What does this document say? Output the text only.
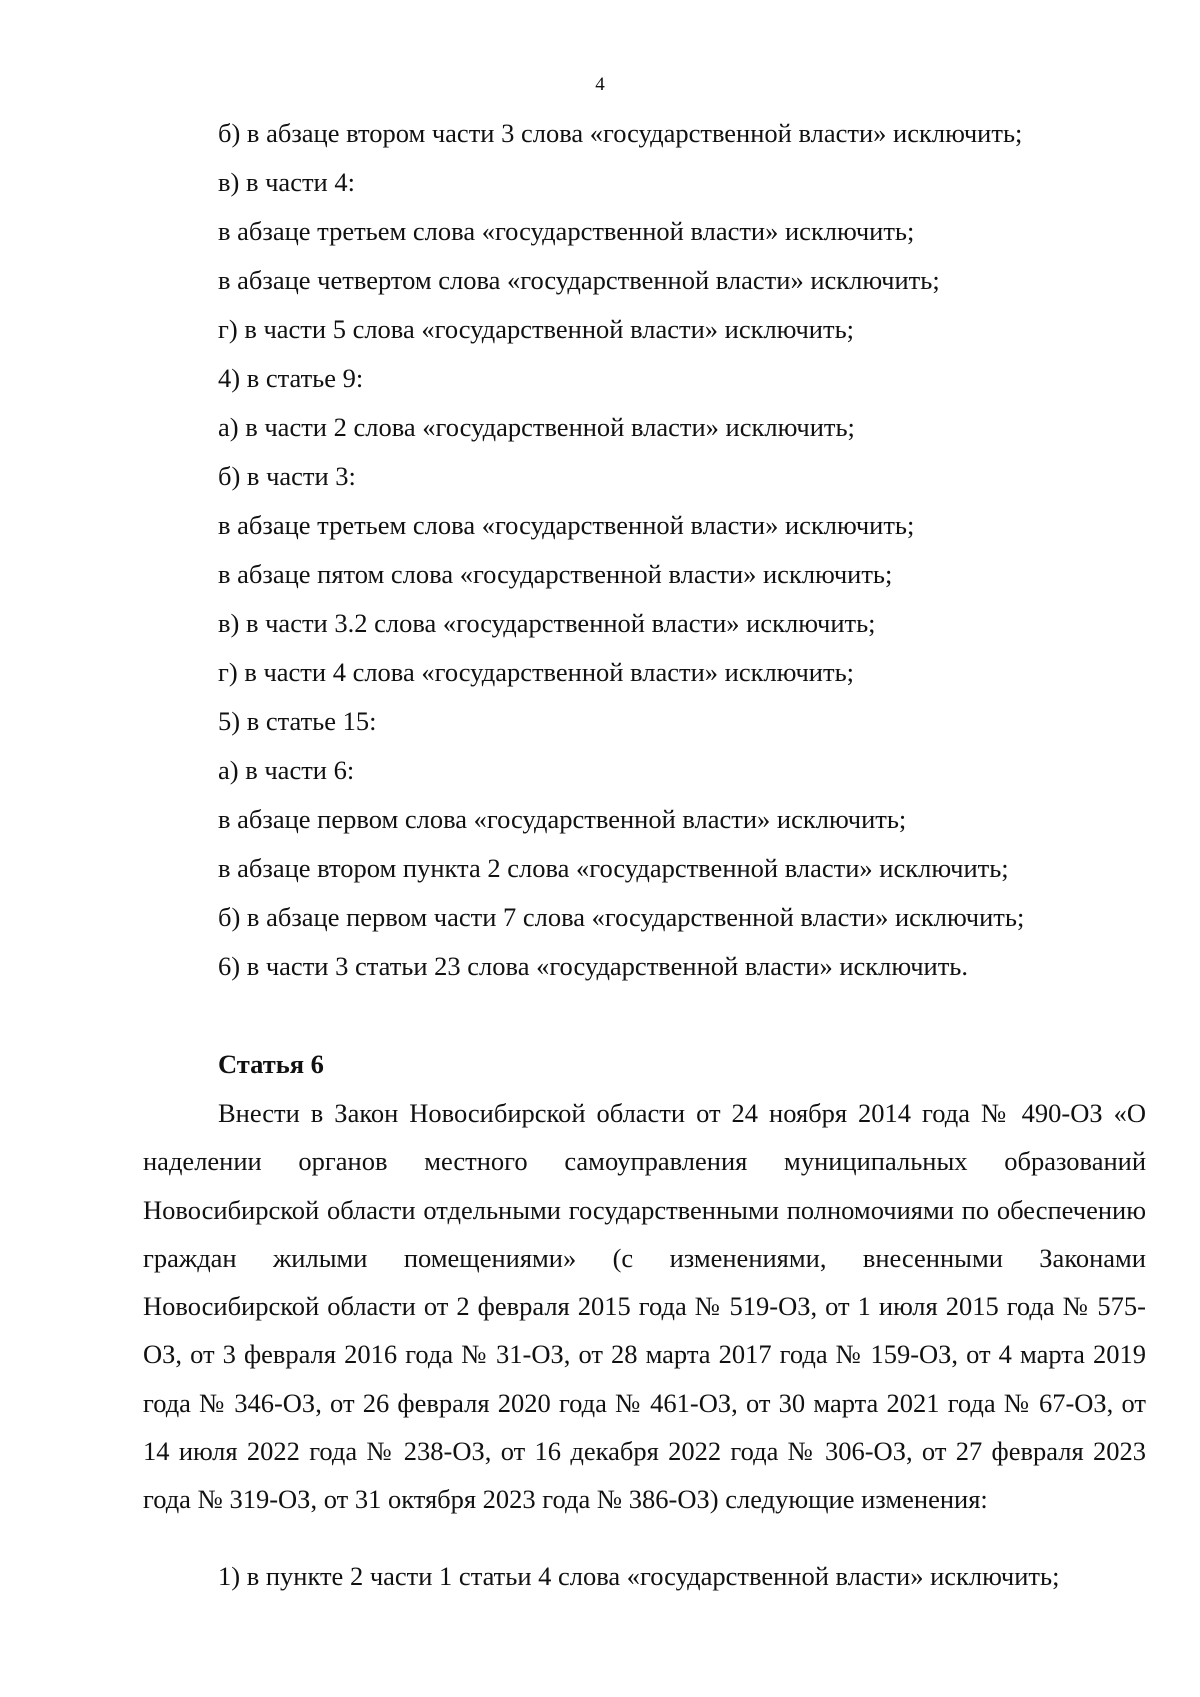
4
б) в абзаце втором части 3 слова «государственной власти» исключить;
в) в части 4:
в абзаце третьем слова «государственной власти» исключить;
в абзаце четвертом слова «государственной власти» исключить;
г) в части 5 слова «государственной власти» исключить;
4) в статье 9:
а) в части 2 слова «государственной власти» исключить;
б) в части 3:
в абзаце третьем слова «государственной власти» исключить;
в абзаце пятом слова «государственной власти» исключить;
в) в части 3.2 слова «государственной власти» исключить;
г) в части 4 слова «государственной власти» исключить;
5) в статье 15:
а) в части 6:
в абзаце первом слова «государственной власти» исключить;
в абзаце втором пункта 2 слова «государственной власти» исключить;
б) в абзаце первом части 7 слова «государственной власти» исключить;
6) в части 3 статьи 23 слова «государственной власти» исключить.
Статья 6
Внести в Закон Новосибирской области от 24 ноября 2014 года № 490-ОЗ «О наделении органов местного самоуправления муниципальных образований Новосибирской области отдельными государственными полномочиями по обеспечению граждан жилыми помещениями» (с изменениями, внесенными Законами Новосибирской области от 2 февраля 2015 года № 519-ОЗ, от 1 июля 2015 года № 575-ОЗ, от 3 февраля 2016 года № 31-ОЗ, от 28 марта 2017 года № 159-ОЗ, от 4 марта 2019 года № 346-ОЗ, от 26 февраля 2020 года № 461-ОЗ, от 30 марта 2021 года № 67-ОЗ, от 14 июля 2022 года № 238-ОЗ, от 16 декабря 2022 года № 306-ОЗ, от 27 февраля 2023 года № 319-ОЗ, от 31 октября 2023 года № 386-ОЗ) следующие изменения:
1) в пункте 2 части 1 статьи 4 слова «государственной власти» исключить;
